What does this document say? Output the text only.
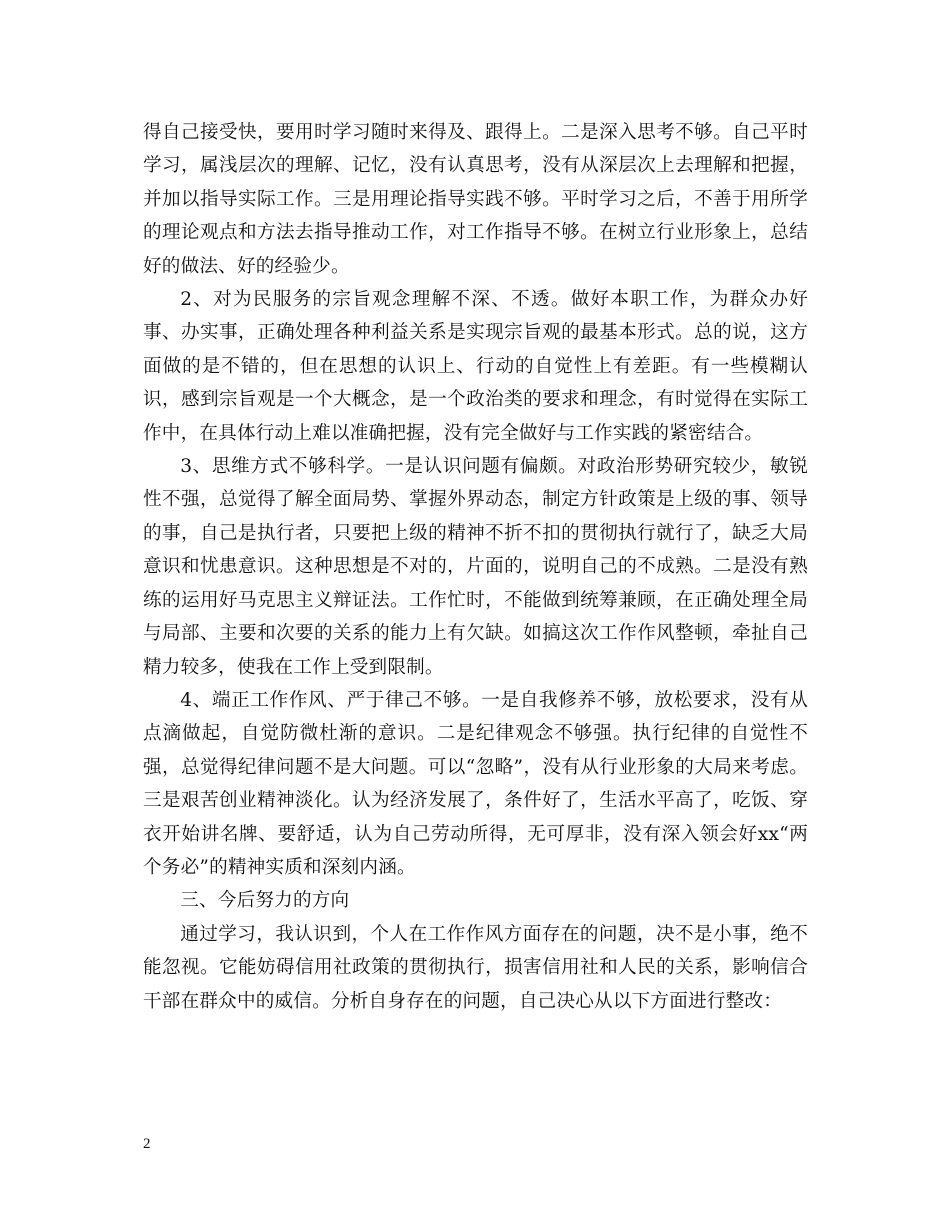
得自己接受快，要用时学习随时来得及、跟得上。二是深入思考不够。自己平时学习，属浅层次的理解、记忆，没有认真思考，没有从深层次上去理解和把握，并加以指导实际工作。三是用理论指导实践不够。平时学习之后，不善于用所学的理论观点和方法去指导推动工作，对工作指导不够。在树立行业形象上，总结好的做法、好的经验少。

2、对为民服务的宗旨观念理解不深、不透。做好本职工作，为群众办好事、办实事，正确处理各种利益关系是实现宗旨观的最基本形式。总的说，这方面做的是不错的，但在思想的认识上、行动的自觉性上有差距。有一些模糊认识，感到宗旨观是一个大概念，是一个政治类的要求和理念，有时觉得在实际工作中，在具体行动上难以准确把握，没有完全做好与工作实践的紧密结合。

3、思维方式不够科学。一是认识问题有偏颇。对政治形势研究较少，敏锐性不强，总觉得了解全面局势、掌握外界动态，制定方针政策是上级的事、领导的事，自己是执行者，只要把上级的精神不折不扣的贯彻执行就行了，缺乏大局意识和忧患意识。这种思想是不对的，片面的，说明自己的不成熟。二是没有熟练的运用好马克思主义辩证法。工作忙时，不能做到统筹兼顾，在正确处理全局与局部、主要和次要的关系的能力上有欠缺。如搞这次工作作风整顿，牵扯自己精力较多，使我在工作上受到限制。

4、端正工作作风、严于律己不够。一是自我修养不够，放松要求，没有从点滴做起，自觉防微杜渐的意识。二是纪律观念不够强。执行纪律的自觉性不强，总觉得纪律问题不是大问题。可以“忽略”，没有从行业形象的大局来考虑。三是艰苦创业精神淡化。认为经济发展了，条件好了，生活水平高了，吃饭、穿衣开始讲名牌、要舒适，认为自己劳动所得，无可厚非，没有深入领会好xx“两个务必”的精神实质和深刻内涵。

三、今后努力的方向

通过学习，我认识到，个人在工作作风方面存在的问题，决不是小事，绝不能忽视。它能妨碍信用社政策的贯彻执行，损害信用社和人民的关系，影响信合干部在群众中的威信。分析自身存在的问题，自己决心从以下方面进行整改：

2
